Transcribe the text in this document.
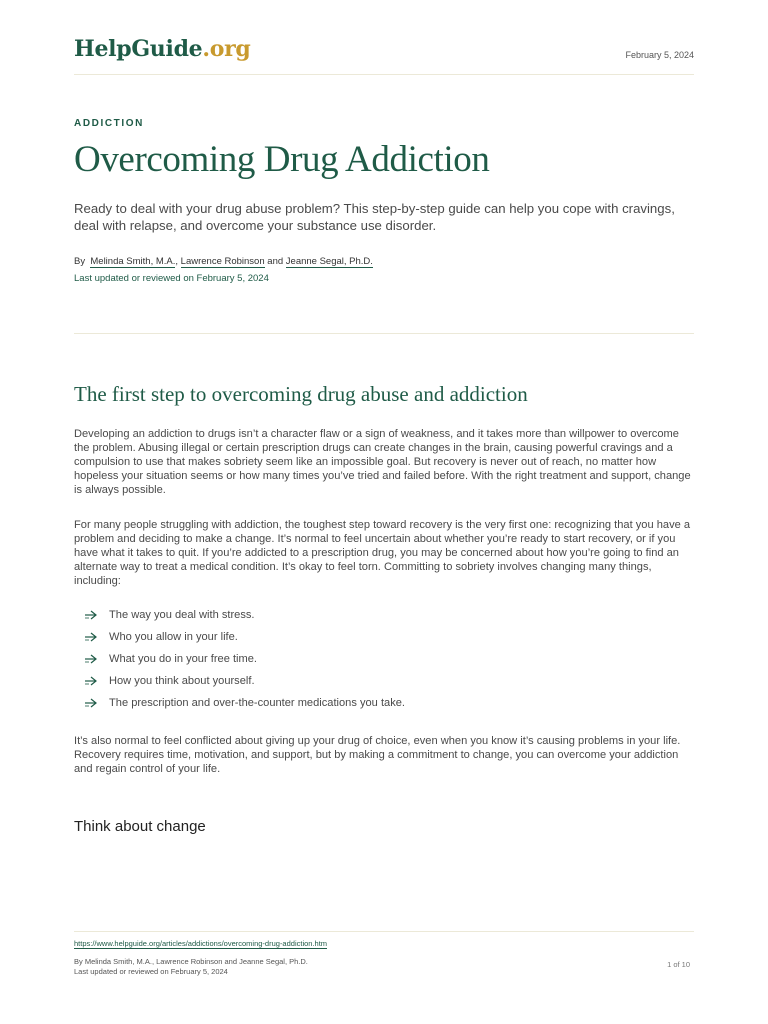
HelpGuide.org	February 5, 2024
ADDICTION
Overcoming Drug Addiction

Ready to deal with your drug abuse problem? This step-by-step guide can help you cope with cravings, deal with relapse, and overcome your substance use disorder.

By Melinda Smith, M.A., Lawrence Robinson and Jeanne Segal, Ph.D.
Last updated or reviewed on February 5, 2024
The first step to overcoming drug abuse and addiction

Developing an addiction to drugs isn’t a character flaw or a sign of weakness, and it takes more than willpower to overcome the problem. Abusing illegal or certain prescription drugs can create changes in the brain, causing powerful cravings and a compulsion to use that makes sobriety seem like an impossible goal. But recovery is never out of reach, no matter how hopeless your situation seems or how many times you’ve tried and failed before. With the right treatment and support, change is always possible.

For many people struggling with addiction, the toughest step toward recovery is the very first one: recognizing that you have a problem and deciding to make a change. It’s normal to feel uncertain about whether you’re ready to start recovery, or if you have what it takes to quit. If you’re addicted to a prescription drug, you may be concerned about how you’re going to find an alternate way to treat a medical condition. It’s okay to feel torn. Committing to sobriety involves changing many things, including:

The way you deal with stress.
Who you allow in your life.
What you do in your free time.
How you think about yourself.
The prescription and over-the-counter medications you take.

It’s also normal to feel conflicted about giving up your drug of choice, even when you know it’s causing problems in your life. Recovery requires time, motivation, and support, but by making a commitment to change, you can overcome your addiction and regain control of your life.

Think about change
https://www.helpguide.org/articles/addictions/overcoming-drug-addiction.htm
By Melinda Smith, M.A., Lawrence Robinson and Jeanne Segal, Ph.D.
Last updated or reviewed on February 5, 2024
1 of 10
